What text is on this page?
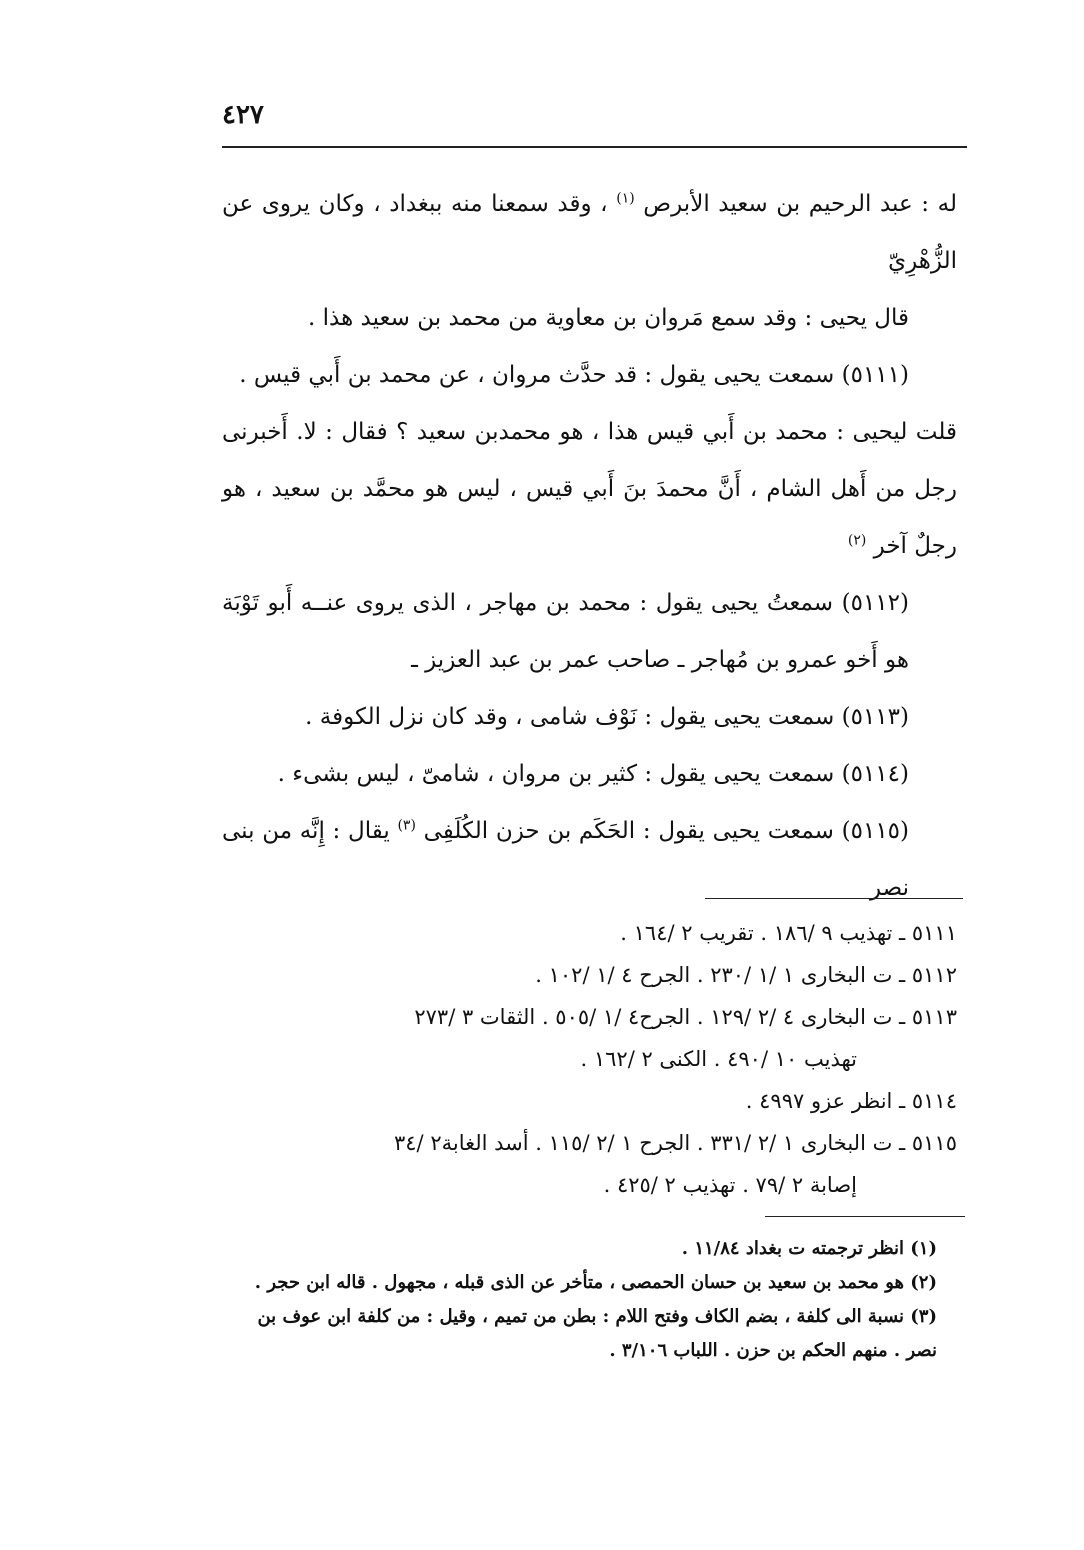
٤٢٧

له : عبد الرحيم بن سعيد الأبرص $^{(١)}$ ، وقد سمعنا منه ببغداد ، وكان يروى عن الزُّهْرِيّ

قال يحيى : وقد سمع مَروان بن معاوية من محمد بن سعيد هذا .

(٥١١١) سمعت يحيى يقول : قد حدَّث مروان ، عن محمد بن أَبي قيس .

قلت ليحيى : محمد بن أَبي قيس هذا ، هو محمدبن سعيد ؟ فقال : لا. أَخبرنى رجل من أَهل الشام ، أَنَّ محمدَ بنَ أَبي قيس ، ليس هو محمَّد بن سعيد ، هو رجلٌ آخر $^{(٢)}$

(٥١١٢) سمعتُ يحيى يقول : محمد بن مهاجر ، الذى يروى عنــه أَبو تَوْبَة هو أَخو عمرو بن مُهاجر ـ صاحب عمر بن عبد العزيز ـ

(٥١١٣) سمعت يحيى يقول : نَوْف شامى ، وقد كان نزل الكوفة .

(٥١١٤) سمعت يحيى يقول : كثير بن مروان ، شامىّ ، ليس بشىء .

(٥١١٥) سمعت يحيى يقول : الحَكَم بن حزن الكُلَفِى $^{(٣)}$ يقال : إِنَّه من بنى نصر

٥١١١ ـ تهذيب ٩ /١٨٦ . تقريب ٢ /١٦٤ .

٥١١٢ ـ ت البخارى ١ /١ /٢٣٠ . الجرح ٤ /١ /١٠٢ .

٥١١٣ ـ ت البخارى ٤ /٢ /١٢٩ . الجرح٤ /١ /٥٠٥ . الثقات ٣ /٢٧٣

تهذيب ١٠ /٤٩٠ . الكنى ٢ /١٦٢ .

٥١١٤ ـ انظر عزو ٤٩٩٧ .

٥١١٥ ـ ت البخارى ١ /٢ /٣٣١ . الجرح ١ /٢ /١١٥ . أسد الغابة٢ /٣٤

إصابة ٢ /٧٩ . تهذيب ٢ /٤٢٥ .

(١) انظر ترجمته ت بغداد ١١/٨٤ .

(٢) هو محمد بن سعيد بن حسان الحمصى ، متأخر عن الذى قبله ، مجهول . قاله ابن حجر .

(٣) نسبة الى كلفة ، بضم الكاف وفتح اللام : بطن من تميم ، وقيل : من كلفة ابن عوف بن نصر . منهم الحكم بن حزن . اللباب ٣/١٠٦ .
